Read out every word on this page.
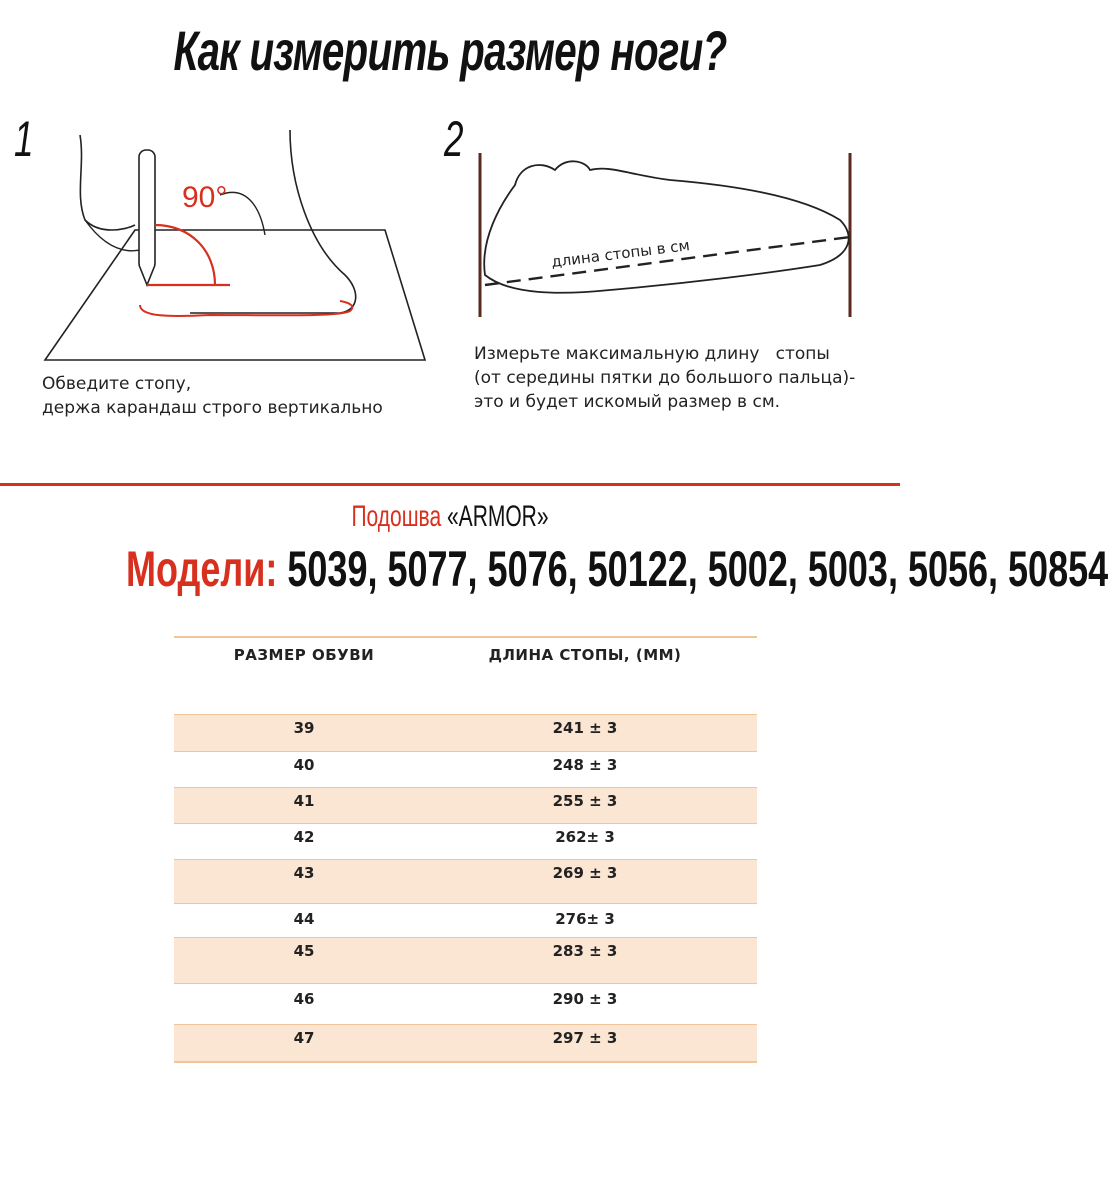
Как измерить размер ноги?
1
90°
Обведите стопу,
держа карандаш строго вертикально
2
длина стопы в см
Измерьте максимальную длину   стопы
(от середины пятки до большого пальца)-
это и будет искомый размер в см.
Подошва «ARMOR»
Модели: 5039, 5077, 5076, 50122, 5002, 5003, 5056, 50854
РАЗМЕР ОБУВИ	ДЛИНА СТОПЫ, (ММ)
39	241 ± 3
40	248 ± 3
41	255 ± 3
42	262± 3
43	269 ± 3
44	276± 3
45	283 ± 3
46	290 ± 3
47	297 ± 3
